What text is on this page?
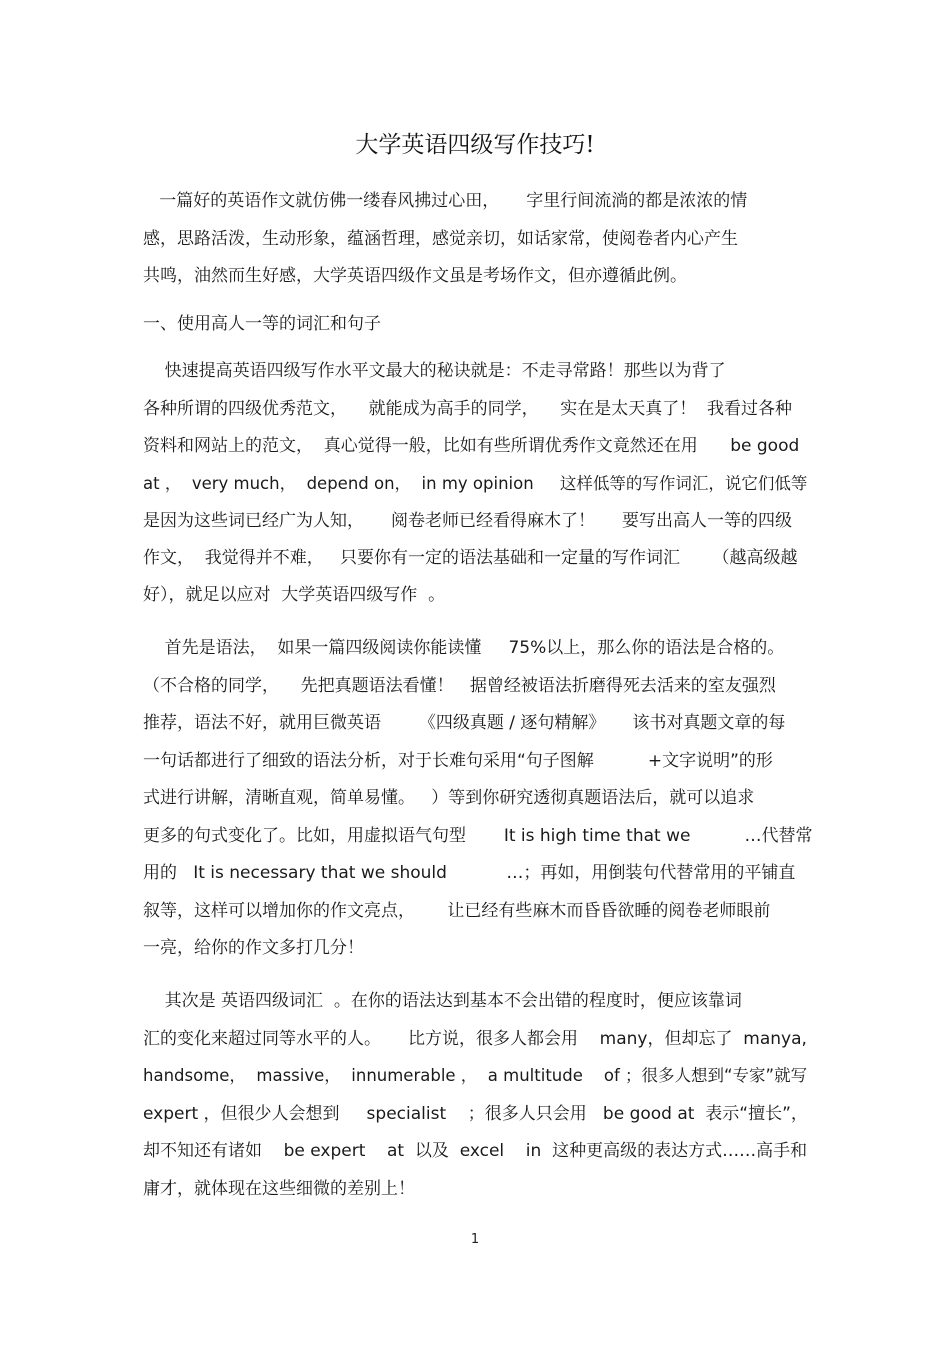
大学英语四级写作技巧!
一篇好的英语作文就仿佛一缕春风拂过心田，     字里行间流淌的都是浓浓的情
感，思路活泼，生动形象，蕴涵哲理，感觉亲切，如话家常，使阅卷者内心产生
共鸣，油然而生好感，大学英语四级作文虽是考场作文，但亦遵循此例。
一、使用高人一等的词汇和句子
快速提高英语四级写作水平文最大的秘诀就是：不走寻常路！那些以为背了
各种所谓的四级优秀范文，    就能成为高手的同学，    实在是太天真了！  我看过各种
资料和网站上的范文，  真心觉得一般，比如有些所谓优秀作文竟然还在用      be good
at ，  very much，  depend on，  in my opinion     这样低等的写作词汇，说它们低等
是因为这些词已经广为人知，     阅卷老师已经看得麻木了！     要写出高人一等的四级
作文，  我觉得并不难，   只要你有一定的语法基础和一定量的写作词汇      （越高级越
好），就足以应对  大学英语四级写作  。
首先是语法，  如果一篇四级阅读你能读懂     75%以上，那么你的语法是合格的。
（不合格的同学，    先把真题语法看懂！   据曾经被语法折磨得死去活来的室友强烈
推荐，语法不好，就用巨微英语       《四级真题 / 逐句精解》     该书对真题文章的每
一句话都进行了细致的语法分析，对于长难句采用“句子图解          +文字说明”的形
式进行讲解，清晰直观，简单易懂。   ）等到你研究透彻真题语法后，就可以追求
更多的句式变化了。比如，用虚拟语气句型       It is high time that we          …代替常
用的   It is necessary that we should           …；再如，用倒装句代替常用的平铺直
叙等，这样可以增加你的作文亮点，      让已经有些麻木而昏昏欲睡的阅卷老师眼前
一亮，给你的作文多打几分！
其次是 英语四级词汇  。在你的语法达到基本不会出错的程度时，便应该靠词
汇的变化来超过同等水平的人。     比方说，很多人都会用    many，但却忘了  manya,
handsome，  massive，  innumerable ，  a multitude    of ；很多人想到“专家”就写
expert ，但很少人会想到     specialist    ；很多人只会用   be good at  表示“擅长”，
却不知还有诸如    be expert    at  以及  excel    in  这种更高级的表达方式……高手和
庸才，就体现在这些细微的差别上！
1
